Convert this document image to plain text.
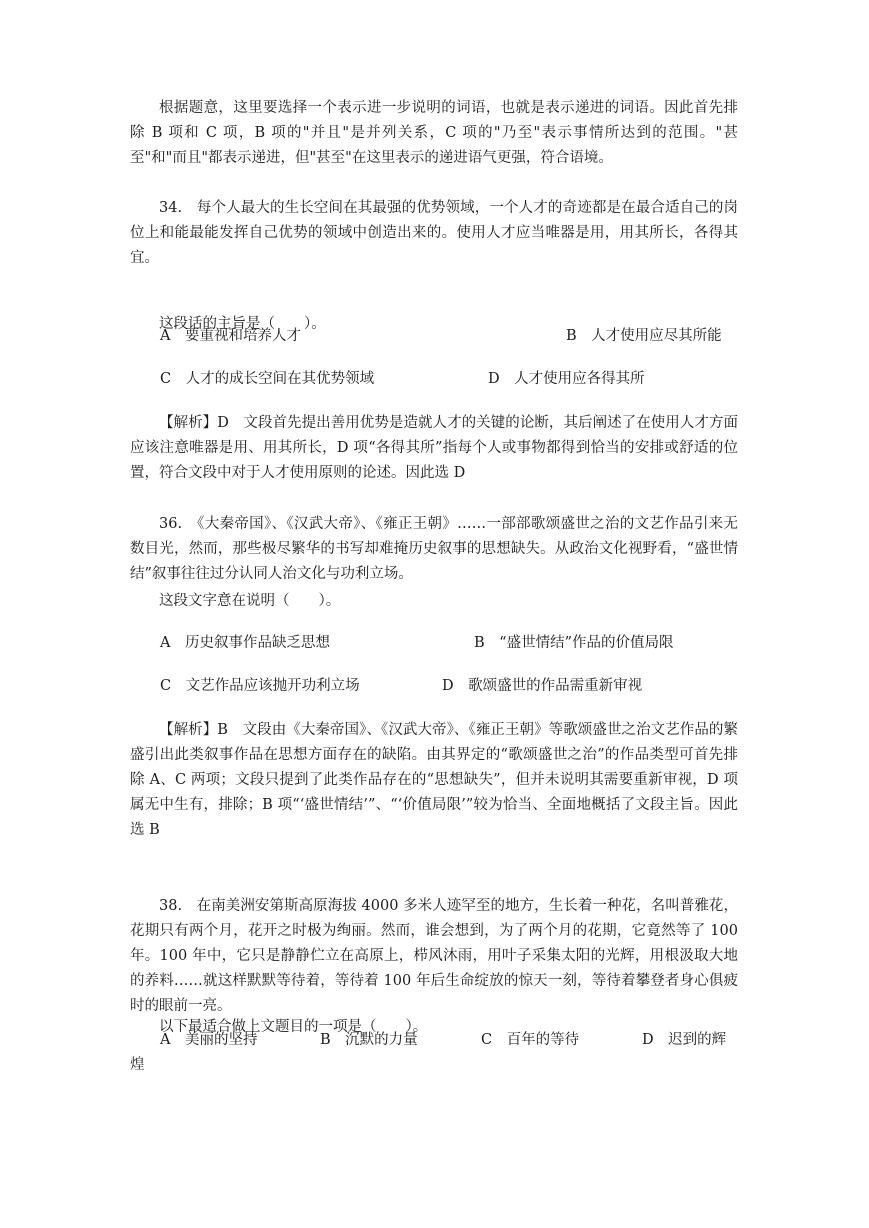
根据题意，这里要选择一个表示进一步说明的词语，也就是表示递进的词语。因此首先排除 B 项和 C 项，B 项的"并且"是并列关系，C 项的"乃至"表示事情所达到的范围。"甚至"和"而且"都表示递进，但"甚至"在这里表示的递进语气更强，符合语境。

34.　每个人最大的生长空间在其最强的优势领域，一个人才的奇迹都是在最合适自己的岗位上和能最能发挥自己优势的领域中创造出来的。使用人才应当唯器是用，用其所长，各得其宜。

这段话的主旨是（　　）。

A　要重视和培养人才	B　人才使用应尽其所能
C　人才的成长空间在其优势领域	D　人才使用应各得其所

【解析】D　文段首先提出善用优势是造就人才的关键的论断，其后阐述了在使用人才方面应该注意唯器是用、用其所长，D 项“各得其所”指每个人或事物都得到恰当的安排或舒适的位置，符合文段中对于人才使用原则的论述。因此选 D

36.　《大秦帝国》、《汉武大帝》、《雍正王朝》……一部部歌颂盛世之治的文艺作品引来无数目光，然而，那些极尽繁华的书写却难掩历史叙事的思想缺失。从政治文化视野看，“盛世情结”叙事往往过分认同人治文化与功利立场。

这段文字意在说明（　　）。

A　历史叙事作品缺乏思想	B　“盛世情结”作品的价值局限
C　文艺作品应该抛开功利立场	D　歌颂盛世的作品需重新审视

【解析】B　文段由《大秦帝国》、《汉武大帝》、《雍正王朝》等歌颂盛世之治文艺作品的繁盛引出此类叙事作品在思想方面存在的缺陷。由其界定的“歌颂盛世之治”的作品类型可首先排除 A、C 两项；文段只提到了此类作品存在的“思想缺失”，但并未说明其需要重新审视，D 项属无中生有，排除；B 项“‘盛世情结’”、“‘价值局限’”较为恰当、全面地概括了文段主旨。因此选 B

38.　在南美洲安第斯高原海拔 4000 多米人迹罕至的地方，生长着一种花，名叫普雅花，花期只有两个月，花开之时极为绚丽。然而，谁会想到，为了两个月的花期，它竟然等了 100 年。100 年中，它只是静静伫立在高原上，栉风沐雨，用叶子采集太阳的光辉，用根汲取大地的养料……就这样默默等待着，等待着 100 年后生命绽放的惊天一刻，等待着攀登者身心俱疲时的眼前一亮。

以下最适合做上文题目的一项是（　　）。

A　美丽的坚持	B　沉默的力量	C　百年的等待	D　迟到的辉
煌
